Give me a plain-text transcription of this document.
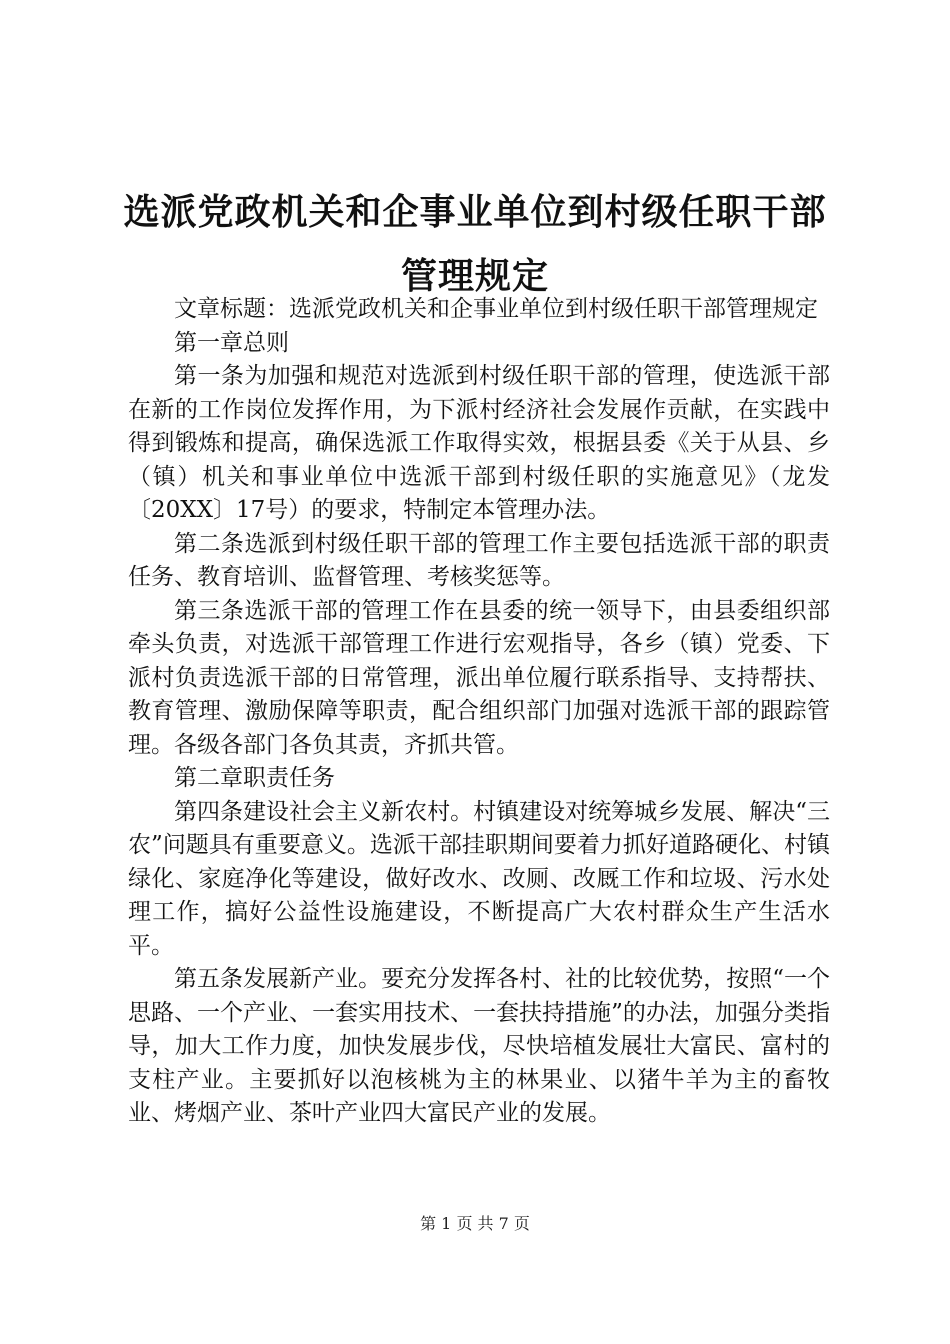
选派党政机关和企事业单位到村级任职干部管理规定

文章标题：选派党政机关和企事业单位到村级任职干部管理规定

第一章总则

第一条为加强和规范对选派到村级任职干部的管理，使选派干部在新的工作岗位发挥作用，为下派村经济社会发展作贡献，在实践中得到锻炼和提高，确保选派工作取得实效，根据县委《关于从县、乡（镇）机关和事业单位中选派干部到村级任职的实施意见》（龙发〔20XX〕17号）的要求，特制定本管理办法。

第二条选派到村级任职干部的管理工作主要包括选派干部的职责任务、教育培训、监督管理、考核奖惩等。

第三条选派干部的管理工作在县委的统一领导下，由县委组织部牵头负责，对选派干部管理工作进行宏观指导，各乡（镇）党委、下派村负责选派干部的日常管理，派出单位履行联系指导、支持帮扶、教育管理、激励保障等职责，配合组织部门加强对选派干部的跟踪管理。各级各部门各负其责，齐抓共管。

第二章职责任务

第四条建设社会主义新农村。村镇建设对统筹城乡发展、解决“三农”问题具有重要意义。选派干部挂职期间要着力抓好道路硬化、村镇绿化、家庭净化等建设，做好改水、改厕、改厩工作和垃圾、污水处理工作，搞好公益性设施建设，不断提高广大农村群众生产生活水平。

第五条发展新产业。要充分发挥各村、社的比较优势，按照“一个思路、一个产业、一套实用技术、一套扶持措施”的办法，加强分类指导，加大工作力度，加快发展步伐，尽快培植发展壮大富民、富村的支柱产业。主要抓好以泡核桃为主的林果业、以猪牛羊为主的畜牧业、烤烟产业、茶叶产业四大富民产业的发展。

第 1 页 共 7 页
